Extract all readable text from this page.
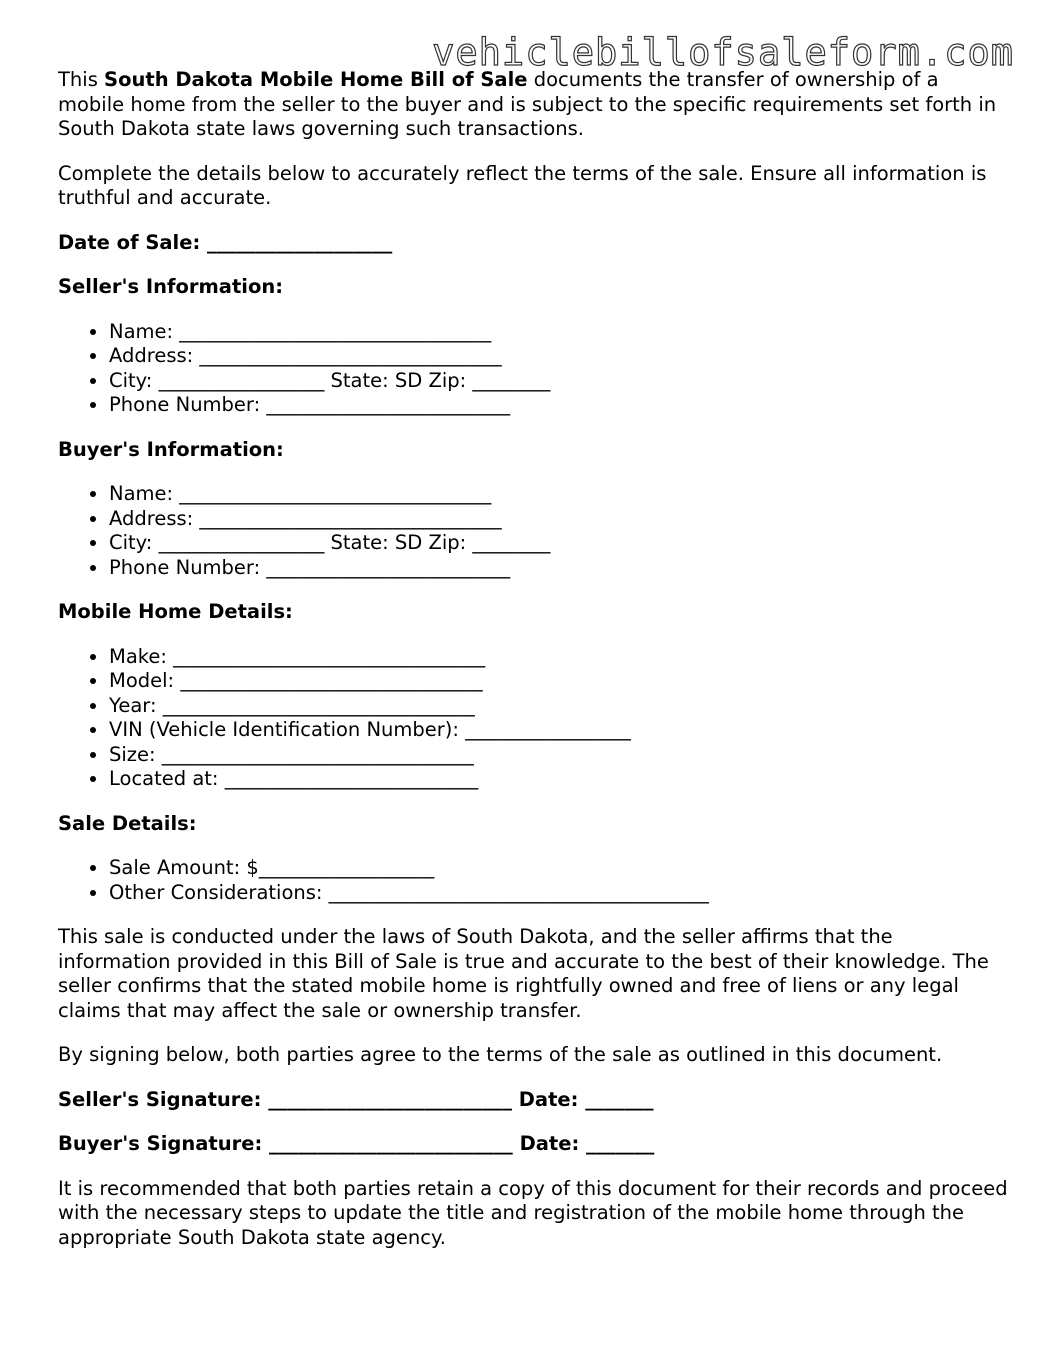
vehiclebillofsaleform.com

This South Dakota Mobile Home Bill of Sale documents the transfer of ownership of a mobile home from the seller to the buyer and is subject to the specific requirements set forth in South Dakota state laws governing such transactions.

Complete the details below to accurately reflect the terms of the sale. Ensure all information is truthful and accurate.

Date of Sale: ___________________

Seller's Information:

• Name: ________________________________
• Address: _______________________________
• City: _________________ State: SD Zip: ________
• Phone Number: _________________________

Buyer's Information:

• Name: ________________________________
• Address: _______________________________
• City: _________________ State: SD Zip: ________
• Phone Number: _________________________

Mobile Home Details:

• Make: ________________________________
• Model: _______________________________
• Year: ________________________________
• VIN (Vehicle Identification Number): _________________
• Size: ________________________________
• Located at: __________________________

Sale Details:

• Sale Amount: $__________________
• Other Considerations: _______________________________________

This sale is conducted under the laws of South Dakota, and the seller affirms that the information provided in this Bill of Sale is true and accurate to the best of their knowledge. The seller confirms that the stated mobile home is rightfully owned and free of liens or any legal claims that may affect the sale or ownership transfer.

By signing below, both parties agree to the terms of the sale as outlined in this document.

Seller's Signature: _________________________ Date: _______

Buyer's Signature: _________________________ Date: _______

It is recommended that both parties retain a copy of this document for their records and proceed with the necessary steps to update the title and registration of the mobile home through the appropriate South Dakota state agency.
